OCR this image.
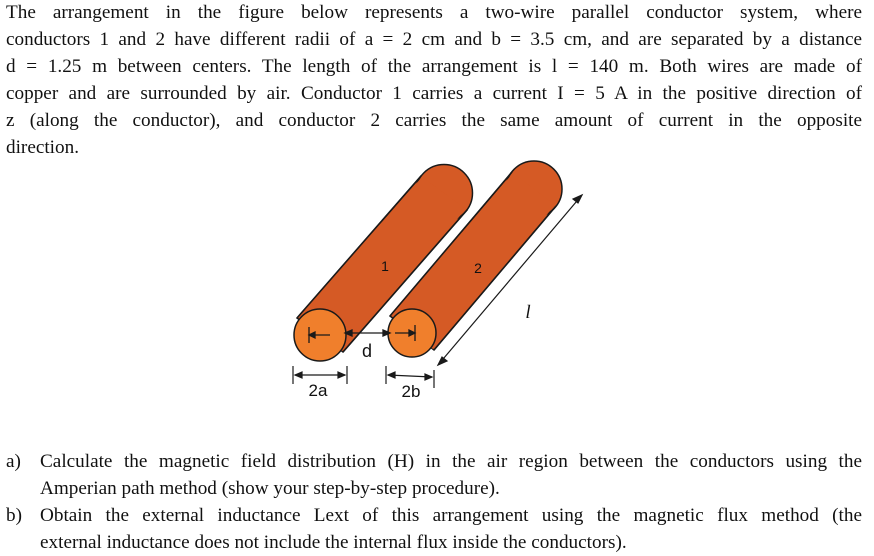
The arrangement in the figure below represents a two-wire parallel conductor system, where
conductors 1 and 2 have different radii of a = 2 cm and b = 3.5 cm, and are separated by a distance
d = 1.25 m between centers. The length of the arrangement is l = 140 m. Both wires are made of
copper and are surrounded by air. Conductor 1 carries a current I = 5 A in the positive direction of
z (along the conductor), and conductor 2 carries the same amount of current in the opposite
direction.
d
1	2
l
2a	2b
a) Calculate the magnetic field distribution (H) in the air region between the conductors using the
Amperian path method (show your step-by-step procedure).
b) Obtain the external inductance Lext of this arrangement using the magnetic flux method (the
external inductance does not include the internal flux inside the conductors).
